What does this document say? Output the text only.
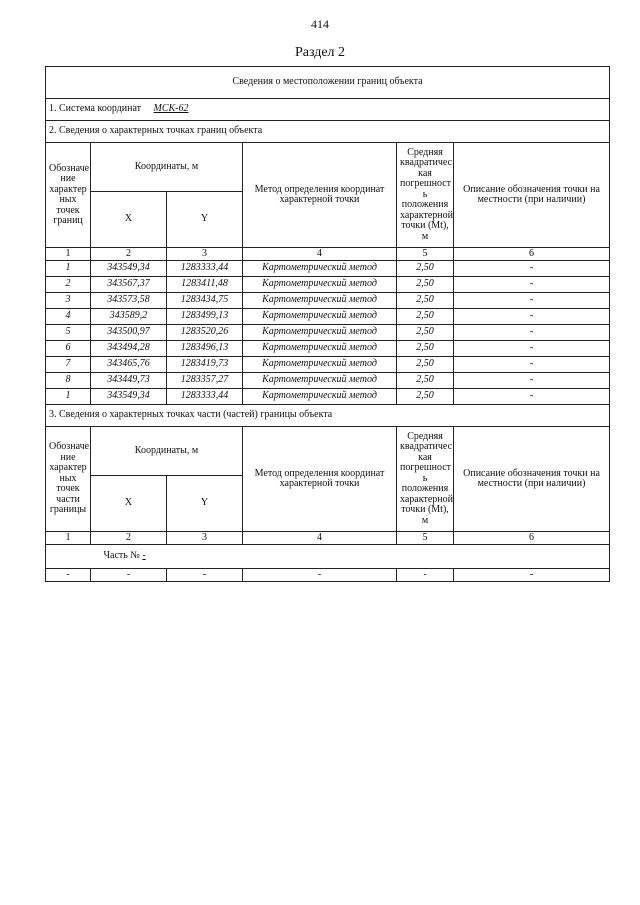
414
Раздел 2
Сведения о местоположении границ объекта					
1. Система координат МСК-62					
2. Сведения о характерных точках границ объекта					
Обозначе ние характер ных точек границ	Координаты, м		Метод определения координат характерной точки	Средняя квадратичес кая погрешност ь положения характерной точки (Мt), м	Описание обозначения точки на местности (при наличии)
	X	Y			
1	2	3	4	5	6
1	343549,34	1283333,44	Картометрический метод	2,50	-
2	343567,37	1283411,48	Картометрический метод	2,50	-
3	343573,58	1283434,75	Картометрический метод	2,50	-
4	343589,2	1283499,13	Картометрический метод	2,50	-
5	343500,97	1283520,26	Картометрический метод	2,50	-
6	343494,28	1283496,13	Картометрический метод	2,50	-
7	343465,76	1283419,73	Картометрический метод	2,50	-
8	343449,73	1283357,27	Картометрический метод	2,50	-
1	343549,34	1283333,44	Картометрический метод	2,50	-
3. Сведения о характерных точках части (частей) границы объекта					
Обозначе ние характер ных точек части границы	Координаты, м		Метод определения координат характерной точки	Средняя квадратичес кая погрешност ь положения характерной точки (Мt), м	Описание обозначения точки на местности (при наличии)
	X	Y			
1	2	3	4	5	6
	Часть № -				
-	-	-	-	-	-
